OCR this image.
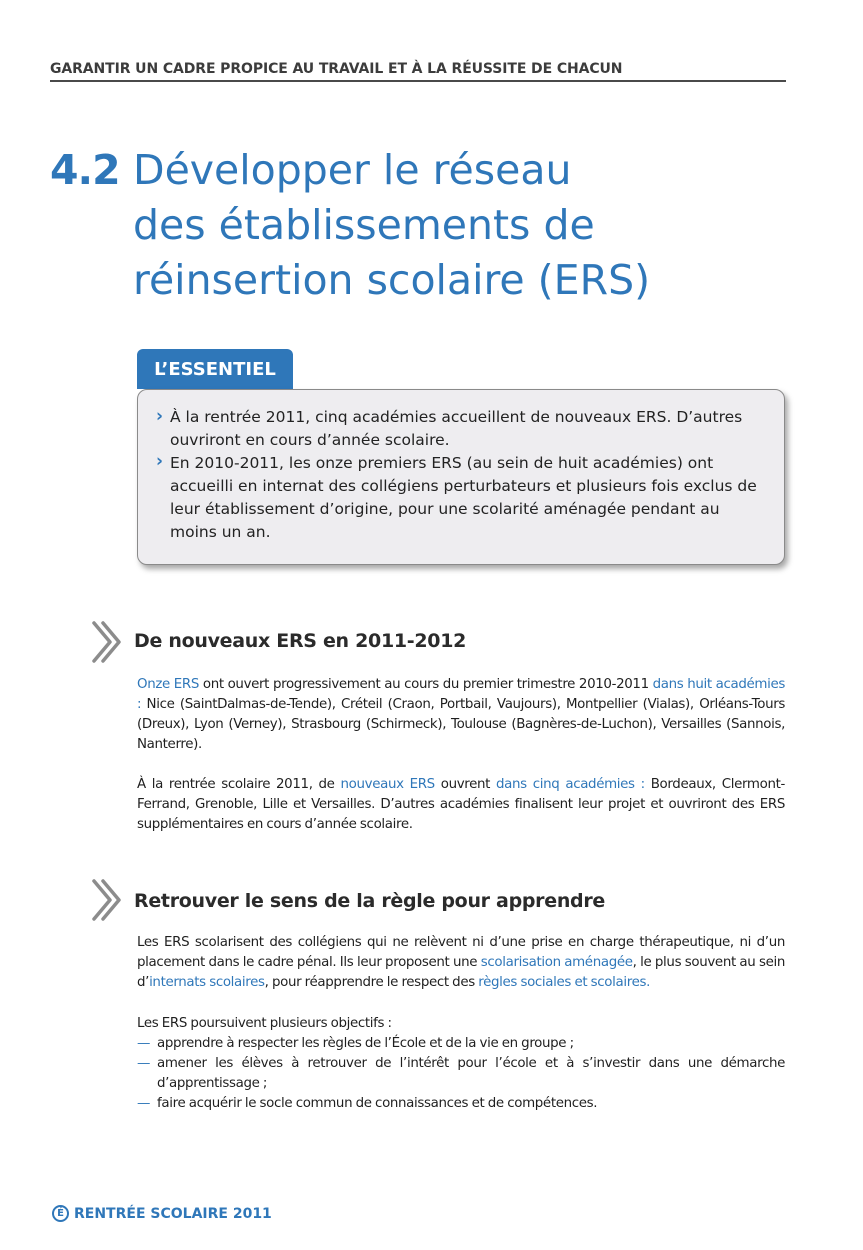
GARANTIR UN CADRE PROPICE AU TRAVAIL ET À LA RÉUSSITE DE CHACUN
4.2 Développer le réseau
des établissements de
réinsertion scolaire (ERS)
L’ESSENTIEL
› À la rentrée 2011, cinq académies accueillent de nouveaux ERS. D’autres ouvriront en cours d’année scolaire.
› En 2010-2011, les onze premiers ERS (au sein de huit académies) ont accueilli en internat des collégiens perturbateurs et plusieurs fois exclus de leur établissement d’origine, pour une scolarité aménagée pendant au moins un an.
De nouveaux ERS en 2011-2012
Onze ERS ont ouvert progressivement au cours du premier trimestre 2010-2011 dans huit académies : Nice (SaintDalmas-de-Tende), Créteil (Craon, Portbail, Vaujours), Montpellier (Vialas), Orléans-Tours (Dreux), Lyon (Verney), Strasbourg (Schirmeck), Toulouse (Bagnères-de-Luchon), Versailles (Sannois, Nanterre).
À la rentrée scolaire 2011, de nouveaux ERS ouvrent dans cinq académies : Bordeaux, Clermont-Ferrand, Grenoble, Lille et Versailles. D’autres académies finalisent leur projet et ouvriront des ERS supplémentaires en cours d’année scolaire.
Retrouver le sens de la règle pour apprendre
Les ERS scolarisent des collégiens qui ne relèvent ni d’une prise en charge thérapeutique, ni d’un placement dans le cadre pénal. Ils leur proposent une scolarisation aménagée, le plus souvent au sein d’internats scolaires, pour réapprendre le respect des règles sociales et scolaires.
Les ERS poursuivent plusieurs objectifs :
— apprendre à respecter les règles de l’École et de la vie en groupe ;
— amener les élèves à retrouver de l’intérêt pour l’école et à s’investir dans une démarche d’apprentissage ;
— faire acquérir le socle commun de connaissances et de compétences.
É RENTRÉE SCOLAIRE 2011
